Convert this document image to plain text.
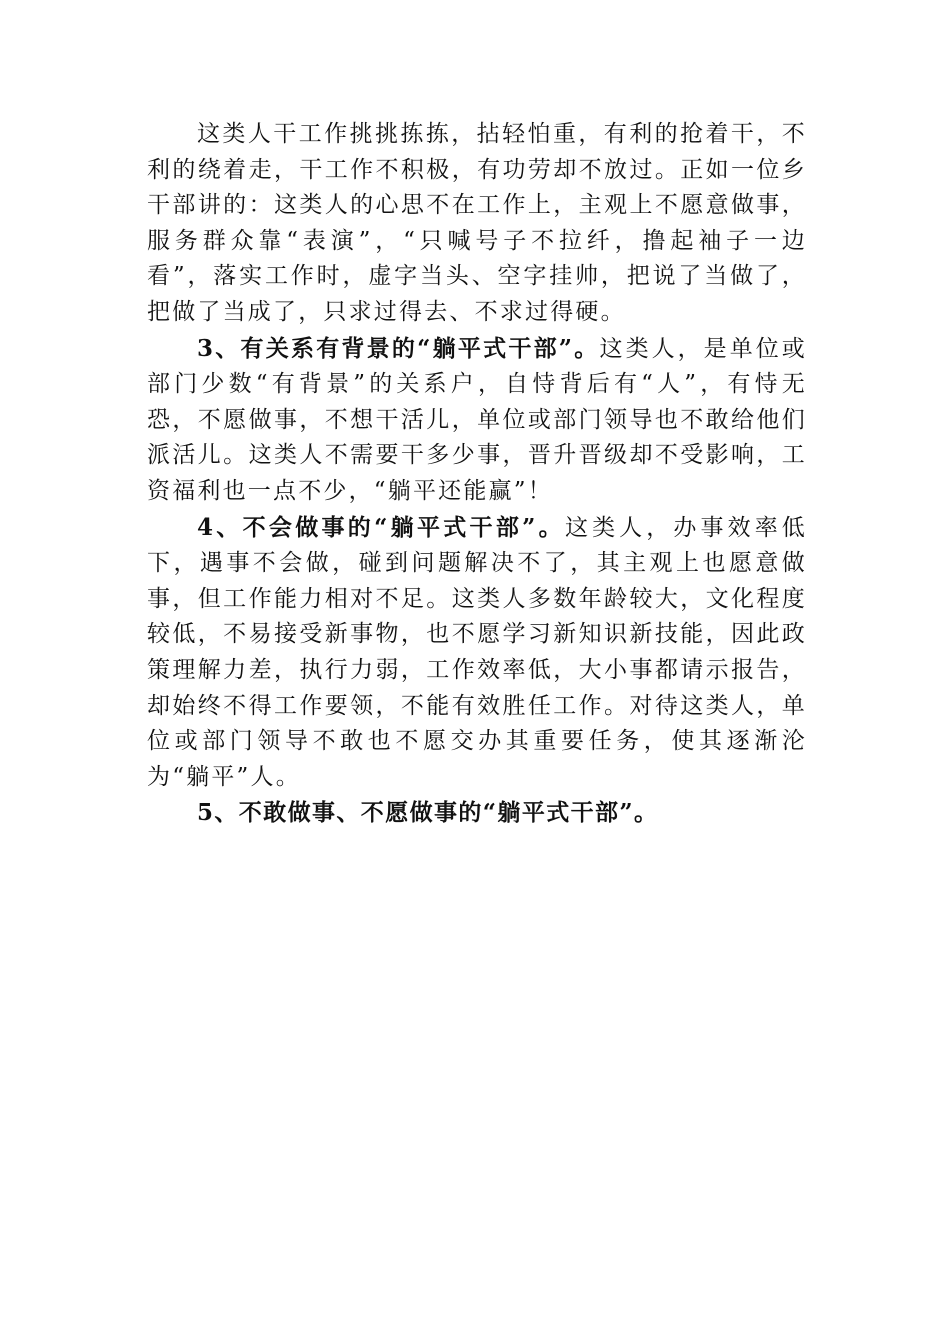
这类人干工作挑挑拣拣，拈轻怕重，有利的抢着干，不利的绕着走，干工作不积极，有功劳却不放过。正如一位乡干部讲的：这类人的心思不在工作上，主观上不愿意做事，服务群众靠“表演”，“只喊号子不拉纤，撸起袖子一边看”，落实工作时，虚字当头、空字挂帅，把说了当做了，把做了当成了，只求过得去、不求过得硬。

3、有关系有背景的“躺平式干部”。这类人，是单位或部门少数“有背景”的关系户，自恃背后有“人”，有恃无恐，不愿做事，不想干活儿，单位或部门领导也不敢给他们派活儿。这类人不需要干多少事，晋升晋级却不受影响，工资福利也一点不少，“躺平还能赢”！

4、不会做事的“躺平式干部”。这类人，办事效率低下，遇事不会做，碰到问题解决不了，其主观上也愿意做事，但工作能力相对不足。这类人多数年龄较大，文化程度较低，不易接受新事物，也不愿学习新知识新技能，因此政策理解力差，执行力弱，工作效率低，大小事都请示报告，却始终不得工作要领，不能有效胜任工作。对待这类人，单位或部门领导不敢也不愿交办其重要任务，使其逐渐沦为“躺平”人。

5、不敢做事、不愿做事的“躺平式干部”。
